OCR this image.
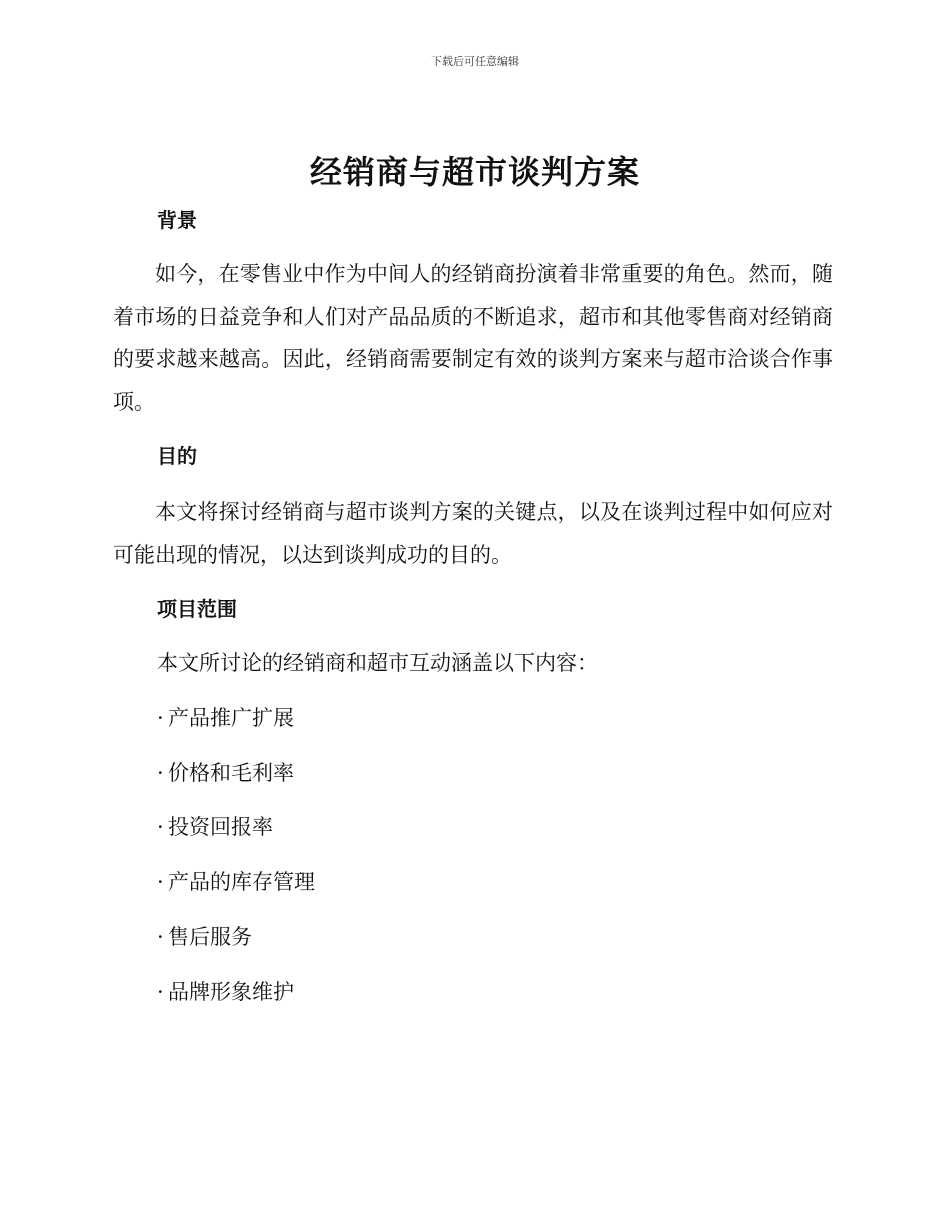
下载后可任意编辑
经销商与超市谈判方案
背景

如今，在零售业中作为中间人的经销商扮演着非常重要的角色。然而，随着市场的日益竞争和人们对产品品质的不断追求，超市和其他零售商对经销商的要求越来越高。因此，经销商需要制定有效的谈判方案来与超市洽谈合作事项。

目的

本文将探讨经销商与超市谈判方案的关键点，以及在谈判过程中如何应对可能出现的情况，以达到谈判成功的目的。

项目范围

本文所讨论的经销商和超市互动涵盖以下内容：

· 产品推广扩展
· 价格和毛利率
· 投资回报率
· 产品的库存管理
· 售后服务
· 品牌形象维护
